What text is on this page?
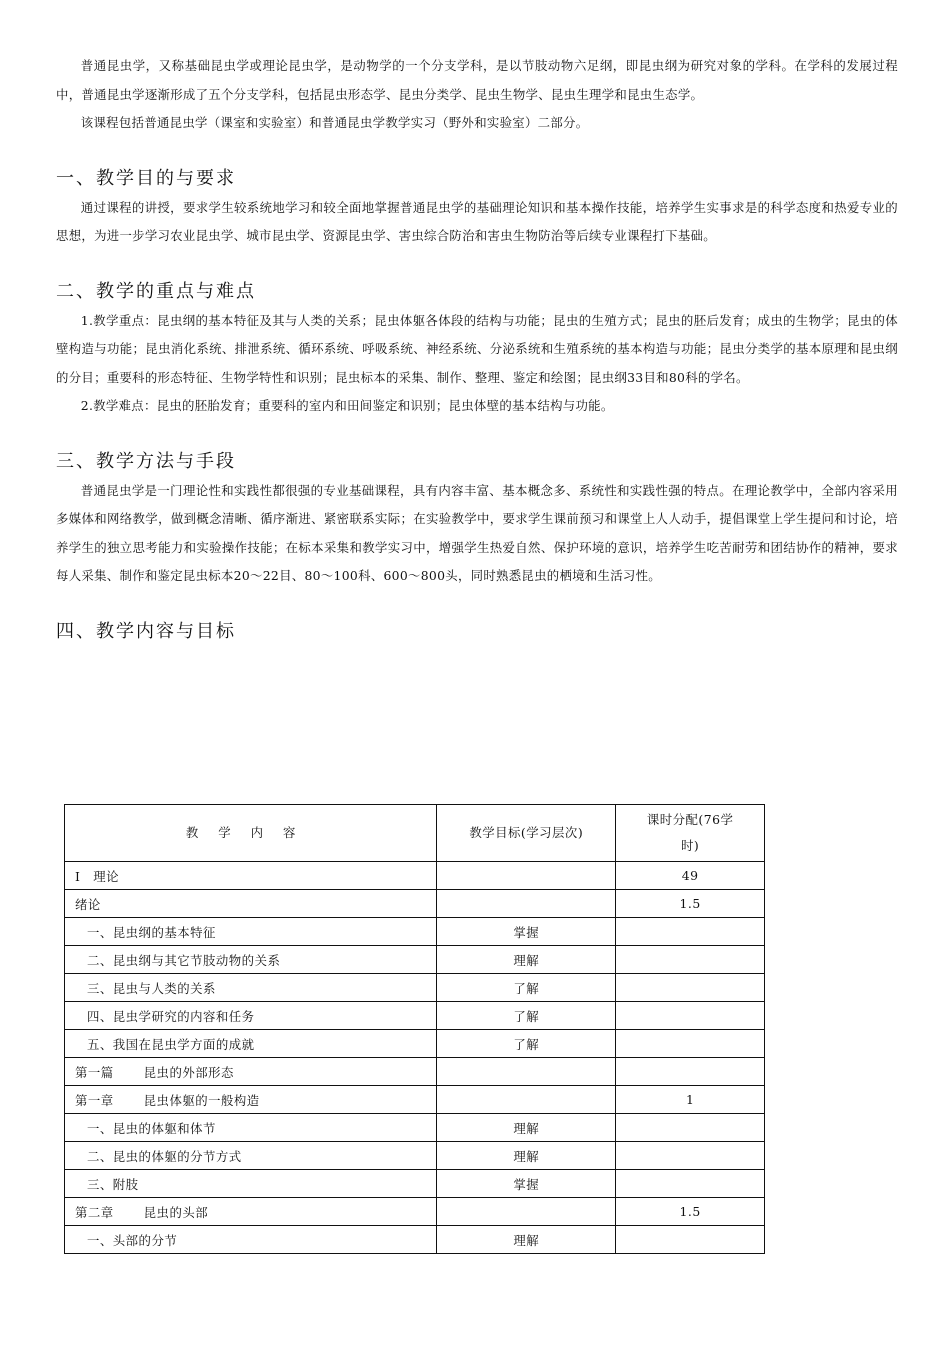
普通昆虫学，又称基础昆虫学或理论昆虫学，是动物学的一个分支学科，是以节肢动物六足纲，即昆虫纲为研究对象的学科。在学科的发展过程中，普通昆虫学逐渐形成了五个分支学科，包括昆虫形态学、昆虫分类学、昆虫生物学、昆虫生理学和昆虫生态学。

该课程包括普通昆虫学（课室和实验室）和普通昆虫学教学实习（野外和实验室）二部分。

一、教学目的与要求

通过课程的讲授，要求学生较系统地学习和较全面地掌握普通昆虫学的基础理论知识和基本操作技能，培养学生实事求是的科学态度和热爱专业的思想，为进一步学习农业昆虫学、城市昆虫学、资源昆虫学、害虫综合防治和害虫生物防治等后续专业课程打下基础。

二、教学的重点与难点

1.教学重点：昆虫纲的基本特征及其与人类的关系；昆虫体躯各体段的结构与功能；昆虫的生殖方式；昆虫的胚后发育；成虫的生物学；昆虫的体壁构造与功能；昆虫消化系统、排泄系统、循环系统、呼吸系统、神经系统、分泌系统和生殖系统的基本构造与功能；昆虫分类学的基本原理和昆虫纲的分目；重要科的形态特征、生物学特性和识别；昆虫标本的采集、制作、整理、鉴定和绘图；昆虫纲33目和80科的学名。

2.教学难点：昆虫的胚胎发育；重要科的室内和田间鉴定和识别；昆虫体壁的基本结构与功能。

三、教学方法与手段

普通昆虫学是一门理论性和实践性都很强的专业基础课程，具有内容丰富、基本概念多、系统性和实践性强的特点。在理论教学中，全部内容采用多媒体和网络教学，做到概念清晰、循序渐进、紧密联系实际；在实验教学中，要求学生课前预习和课堂上人人动手，提倡课堂上学生提问和讨论，培养学生的独立思考能力和实验操作技能；在标本采集和教学实习中，增强学生热爱自然、保护环境的意识，培养学生吃苦耐劳和团结协作的精神，要求每人采集、制作和鉴定昆虫标本20～22目、80～100科、600～800头，同时熟悉昆虫的栖境和生活习性。

四、教学内容与目标
教学内容	教学目标(学习层次)	课时分配(76学
时)
Ⅰ　理论		49
绪论		1.5
一、昆虫纲的基本特征	掌握	
二、昆虫纲与其它节肢动物的关系	理解	
三、昆虫与人类的关系	了解	
四、昆虫学研究的内容和任务	了解	
五、我国在昆虫学方面的成就	了解	
第一篇 昆虫的外部形态		
第一章 昆虫体躯的一般构造		1
一、昆虫的体躯和体节	理解	
二、昆虫的体躯的分节方式	理解	
三、附肢	掌握	
第二章 昆虫的头部		1.5
一、头部的分节	理解	
